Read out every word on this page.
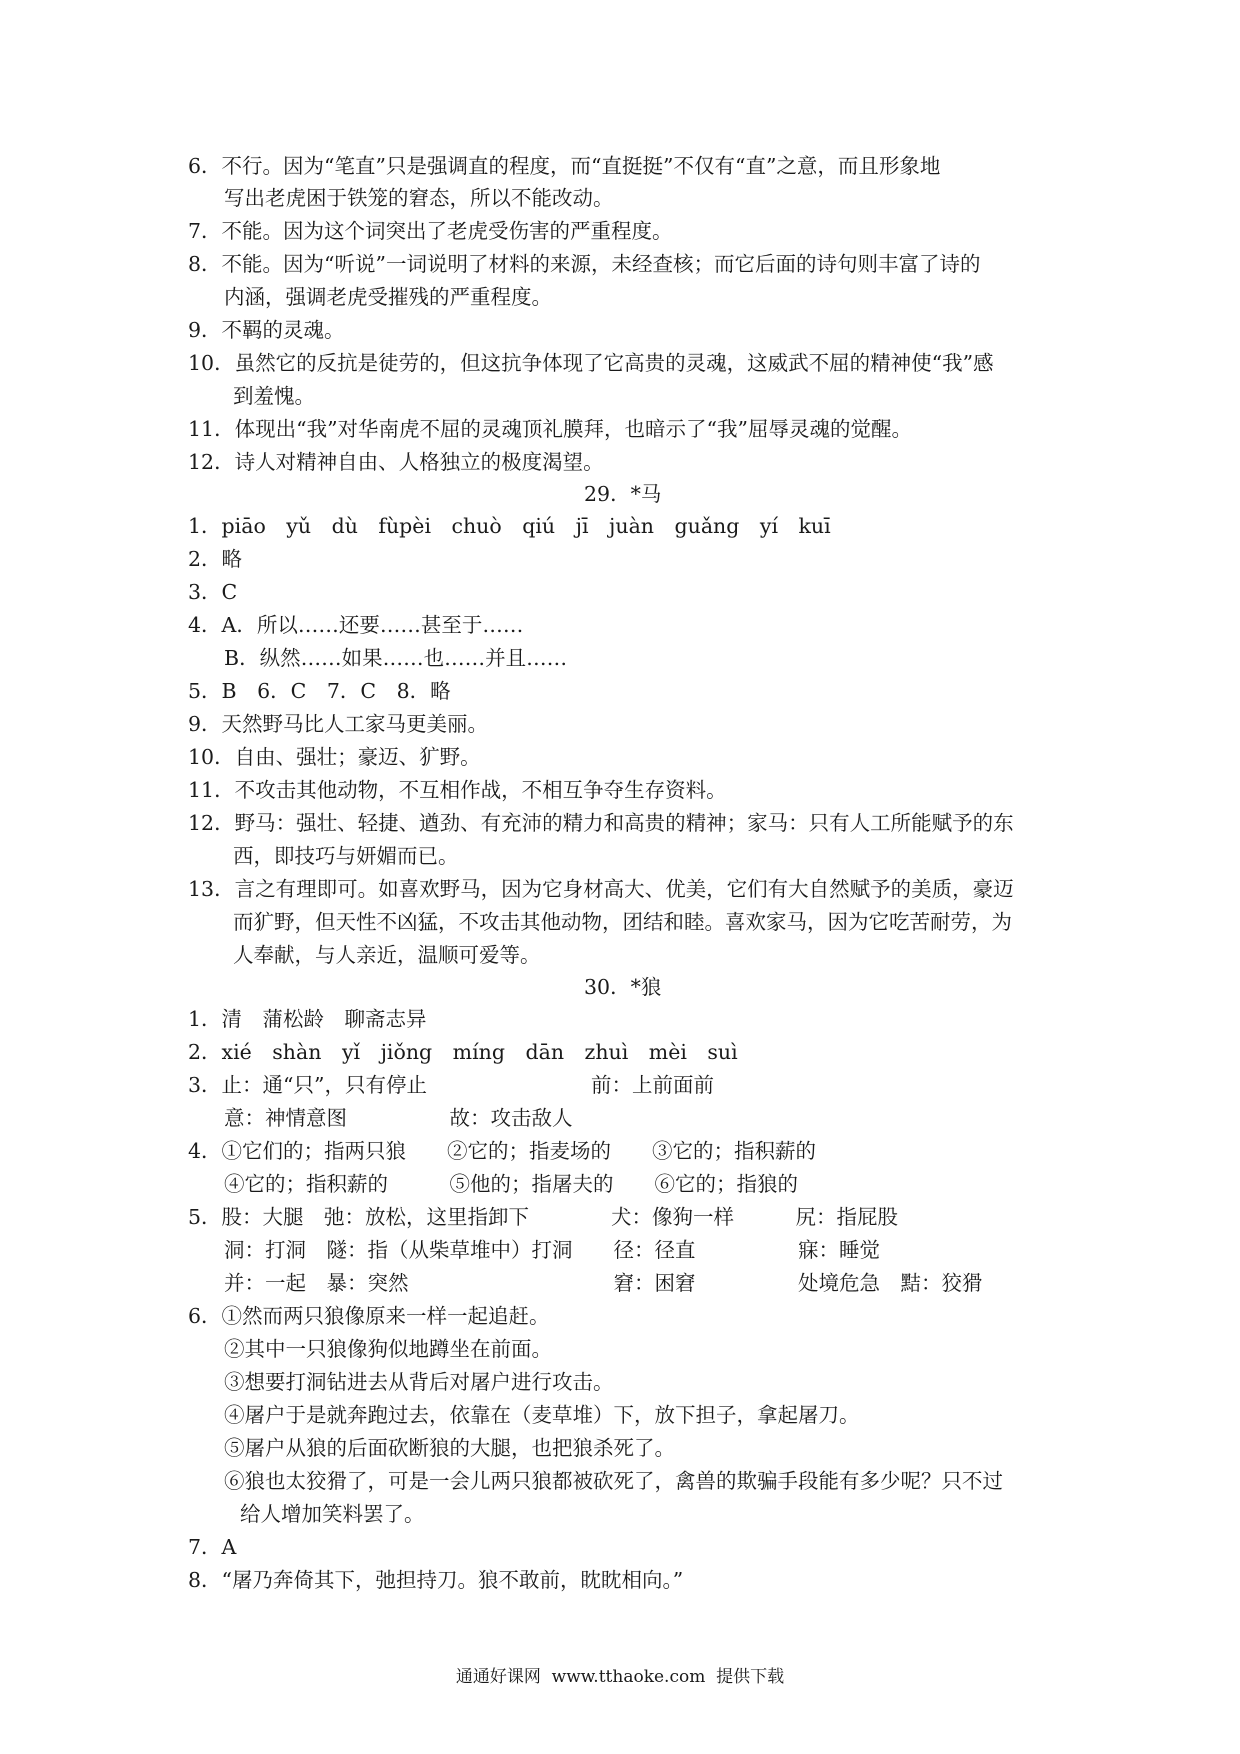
6．不行。因为“笔直”只是强调直的程度，而“直挺挺”不仅有“直”之意，而且形象地
写出老虎困于铁笼的窘态，所以不能改动。
7．不能。因为这个词突出了老虎受伤害的严重程度。
8．不能。因为“听说”一词说明了材料的来源，未经查核；而它后面的诗句则丰富了诗的
内涵，强调老虎受摧残的严重程度。
9．不羁的灵魂。
10．虽然它的反抗是徒劳的，但这抗争体现了它高贵的灵魂，这威武不屈的精神使“我”感
到羞愧。
11．体现出“我”对华南虎不屈的灵魂顶礼膜拜，也暗示了“我”屈辱灵魂的觉醒。
12．诗人对精神自由、人格独立的极度渴望。
29．*马
1．piāo　yǔ　dù　fùpèi　chuò　qiú　jī　juàn　guǎng　yí　kuī
2．略
3．C
4．A．所以……还要……甚至于……
B．纵然……如果……也……并且……
5．B　6．C　7．C　8．略
9．天然野马比人工家马更美丽。
10．自由、强壮；豪迈、犷野。
11．不攻击其他动物，不互相作战，不相互争夺生存资料。
12．野马：强壮、轻捷、遒劲、有充沛的精力和高贵的精神；家马：只有人工所能赋予的东
西，即技巧与妍媚而已。
13．言之有理即可。如喜欢野马，因为它身材高大、优美，它们有大自然赋予的美质，豪迈
而犷野，但天性不凶猛，不攻击其他动物，团结和睦。喜欢家马，因为它吃苦耐劳，为
人奉献，与人亲近，温顺可爱等。
30．*狼
1．清　蒲松龄　聊斋志异
2．xié　shàn　yǐ　jiǒng　míng　dān　zhuì　mèi　suì
3．止：通“只”，只有停止　　　　　　　　前：上前面前
意：神情意图　　　　　故：攻击敌人
4．①它们的；指两只狼　　②它的；指麦场的　　③它的；指积薪的
④它的；指积薪的　　　⑤他的；指屠夫的　　⑥它的；指狼的
5．股：大腿　弛：放松，这里指卸下　　　　犬：像狗一样　　　尻：指屁股
洞：打洞　隧：指（从柴草堆中）打洞　　径：径直　　　　　寐：睡觉
并：一起　暴：突然　　　　　　　　　　窘：困窘　　　　　处境危急　黠：狡猾
6．①然而两只狼像原来一样一起追赶。
②其中一只狼像狗似地蹲坐在前面。
③想要打洞钻进去从背后对屠户进行攻击。
④屠户于是就奔跑过去，依靠在（麦草堆）下，放下担子，拿起屠刀。
⑤屠户从狼的后面砍断狼的大腿，也把狼杀死了。
⑥狼也太狡猾了，可是一会儿两只狼都被砍死了，禽兽的欺骗手段能有多少呢？只不过
给人增加笑料罢了。
7．A
8．“屠乃奔倚其下，弛担持刀。狼不敢前，眈眈相向。”
通通好课网  www.tthaoke.com  提供下载
